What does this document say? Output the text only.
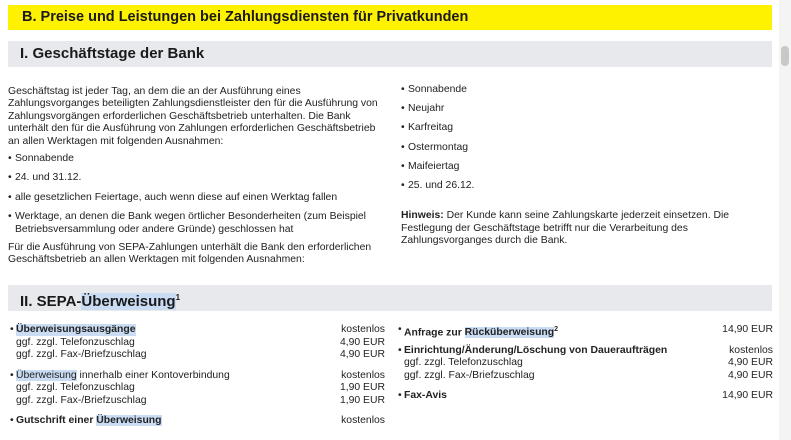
B. Preise und Leistungen bei Zahlungsdiensten für Privatkunden
I. Geschäftstage der Bank

Geschäftstag ist jeder Tag, an dem die an der Ausführung eines Zahlungsvorganges beteiligten Zahlungsdienstleister den für die Ausführung von Zahlungsvorgängen erforderlichen Geschäftsbetrieb unterhalten. Die Bank unterhält den für die Ausführung von Zahlungen erforderlichen Geschäftsbetrieb an allen Werktagen mit folgenden Ausnahmen:

• Sonnabende
• 24. und 31.12.
• alle gesetzlichen Feiertage, auch wenn diese auf einen Werktag fallen
• Werktage, an denen die Bank wegen örtlicher Besonderheiten (zum Beispiel Betriebsversammlung oder andere Gründe) geschlossen hat

Für die Ausführung von SEPA-Zahlungen unterhält die Bank den erforderlichen Geschäftsbetrieb an allen Werktagen mit folgenden Ausnahmen:

• Sonnabende
• Neujahr
• Karfreitag
• Ostermontag
• Maifeiertag
• 25. und 26.12.

Hinweis: Der Kunde kann seine Zahlungskarte jederzeit einsetzen. Die Festlegung der Geschäftstage betrifft nur die Verarbeitung des Zahlungsvorganges durch die Bank.

II. SEPA-Überweisung$^1$
• Überweisungsausgänge	kostenlos
ggf. zzgl. Telefonzuschlag	4,90 EUR
ggf. zzgl. Fax-/Briefzuschlag	4,90 EUR
• Überweisung innerhalb einer Kontoverbindung	kostenlos
ggf. zzgl. Telefonzuschlag	1,90 EUR
ggf. zzgl. Fax-/Briefzuschlag	1,90 EUR
• Gutschrift einer Überweisung	kostenlos
• Anfrage zur Rücküberweisung$^2$	14,90 EUR
• Einrichtung/Änderung/Löschung von Daueraufträgen	kostenlos
ggf. zzgl. Telefonzuschlag	4,90 EUR
ggf. zzgl. Fax-/Briefzuschlag	4,90 EUR
• Fax-Avis	14,90 EUR
